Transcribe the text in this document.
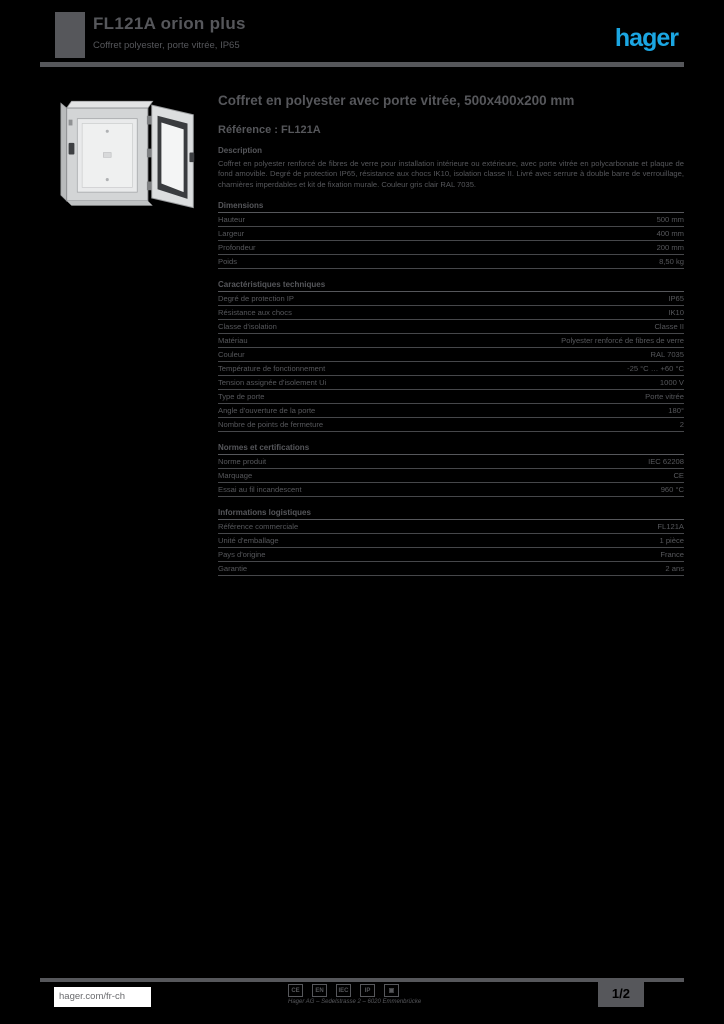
FL121A orion plus
Coffret polyester, porte vitrée, IP65	hager
Coffret en polyester avec porte vitrée, 500x400x200 mm
Référence : FL121A
Description
Coffret en polyester renforcé de fibres de verre pour installation intérieure ou extérieure, avec porte vitrée en polycarbonate et plaque de fond amovible. Degré de protection IP65, résistance aux chocs IK10, isolation classe II. Livré avec serrure à double barre de verrouillage, charnières imperdables et kit de fixation murale. Couleur gris clair RAL 7035.
Dimensions
Hauteur	500 mm
Largeur	400 mm
Profondeur	200 mm
Poids	8,50 kg
Caractéristiques techniques
Degré de protection IP	IP65
Résistance aux chocs	IK10
Classe d'isolation	Classe II
Matériau	Polyester renforcé de fibres de verre
Couleur	RAL 7035
Température de fonctionnement	-25 °C … +60 °C
Tension assignée d'isolement Ui	1000 V
Type de porte	Porte vitrée
Angle d'ouverture de la porte	180°
Nombre de points de fermeture	2
Normes et certifications
Norme produit	IEC 62208
Marquage	CE
Essai au fil incandescent	960 °C
Informations logistiques
Référence commerciale	FL121A
Unité d'emballage	1 pièce
Pays d'origine	France
Garantie	2 ans
hager.com/fr-ch
CE	EN	IEC	IP	▣
Hager AG – Sedelstrasse 2 – 6020 Emmenbrücke
1/2
